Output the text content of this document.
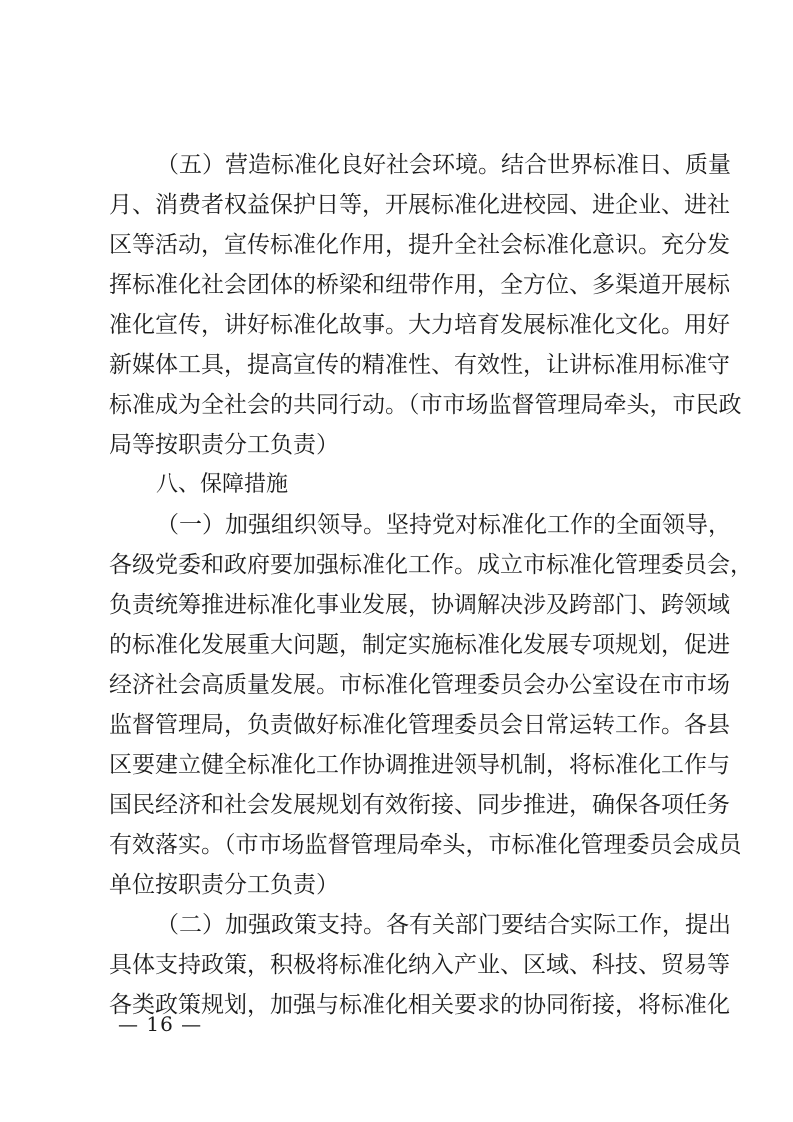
（五）营造标准化良好社会环境。结合世界标准日、质量
月、消费者权益保护日等，开展标准化进校园、进企业、进社
区等活动，宣传标准化作用，提升全社会标准化意识。充分发
挥标准化社会团体的桥梁和纽带作用，全方位、多渠道开展标
准化宣传，讲好标准化故事。大力培育发展标准化文化。用好
新媒体工具，提高宣传的精准性、有效性，让讲标准用标准守
标准成为全社会的共同行动。（市市场监督管理局牵头，市民政
局等按职责分工负责）
八、保障措施
（一）加强组织领导。坚持党对标准化工作的全面领导，
各级党委和政府要加强标准化工作。成立市标准化管理委员会，
负责统筹推进标准化事业发展，协调解决涉及跨部门、跨领域
的标准化发展重大问题，制定实施标准化发展专项规划，促进
经济社会高质量发展。市标准化管理委员会办公室设在市市场
监督管理局，负责做好标准化管理委员会日常运转工作。各县
区要建立健全标准化工作协调推进领导机制，将标准化工作与
国民经济和社会发展规划有效衔接、同步推进，确保各项任务
有效落实。（市市场监督管理局牵头，市标准化管理委员会成员
单位按职责分工负责）
（二）加强政策支持。各有关部门要结合实际工作，提出
具体支持政策，积极将标准化纳入产业、区域、科技、贸易等
各类政策规划，加强与标准化相关要求的协同衔接，将标准化
— 16 —
